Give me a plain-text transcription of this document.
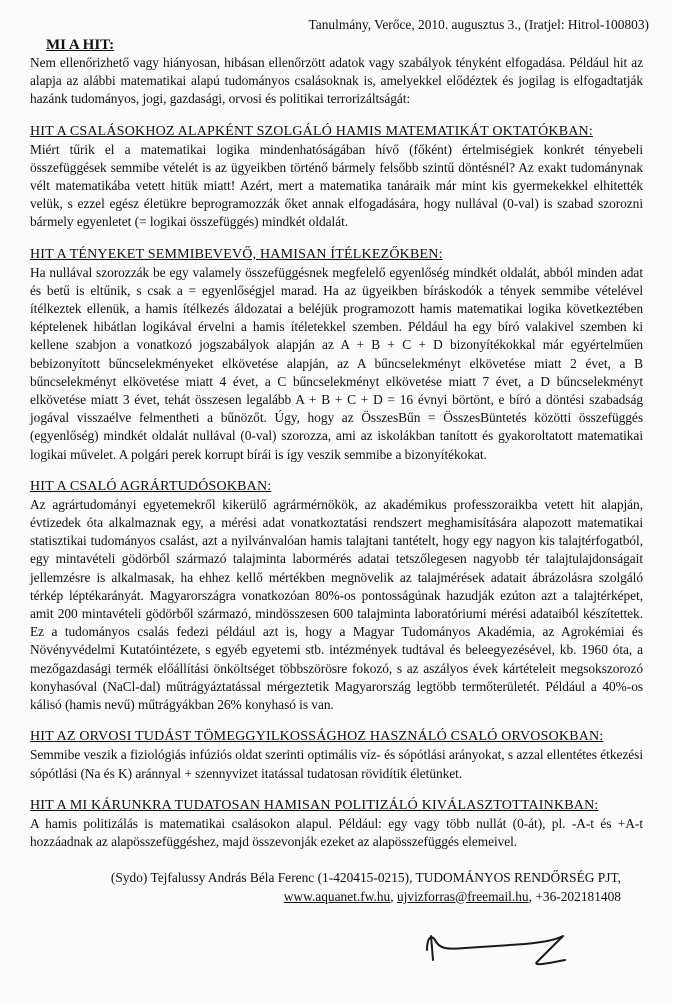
Tanulmány, Verőce, 2010. augusztus 3., (Iratjel: Hitrol-100803)
MI A HIT:

Nem ellenőrizhető vagy hiányosan, hibásan ellenőrzött adatok vagy szabályok tényként elfogadása. Például hit az alapja az alábbi matematikai alapú tudományos csalásoknak is, amelyekkel elődéztek és jogilag is elfogadtatják hazánk tudományos, jogi, gazdasági, orvosi és politikai terrorizáltságát:

HIT A CSALÁSOKHOZ ALAPKÉNT SZOLGÁLÓ HAMIS MATEMATIKÁT OKTATÓKBAN:

Miért tűrik el a matematikai logika mindenhatóságában hívő (főként) értelmiségiek konkrét tényebeli összefüggések semmibe vételét is az ügyeikben történő bármely felsőbb szintű döntésnél? Az exakt tudománynak vélt matematikába vetett hitük miatt! Azért, mert a matematika tanáraik már mint kis gyermekekkel elhitették velük, s ezzel egész életükre beprogramozzák őket annak elfogadására, hogy nullával (0-val) is szabad szorozni bármely egyenletet (= logikai összefüggés) mindkét oldalát.

HIT A TÉNYEKET SEMMIBEVEVŐ, HAMISAN ÍTÉLKEZŐKBEN:

Ha nullával szorozzák be egy valamely összefüggésnek megfelelő egyenlőség mindkét oldalát, abból minden adat és betű is eltűnik, s csak a = egyenlőségjel marad. Ha az ügyeikben bíráskodók a tények semmibe vételével ítélkeztek ellenük, a hamis ítélkezés áldozatai a beléjük programozott hamis matematikai logika következtében képtelenek hibátlan logikával érvelni a hamis ítéletekkel szemben. Például ha egy bíró valakivel szemben ki kellene szabjon a vonatkozó jogszabályok alapján az A + B + C + D bizonyítékokkal már egyértelműen bebizonyított bűncselekményeket elkövetése alapján, az A bűncselekményt elkövetése miatt 2 évet, a B bűncselekményt elkövetése miatt 4 évet, a C bűncselekményt elkövetése miatt 7 évet, a D bűncselekményt elkövetése miatt 3 évet, tehát összesen legalább A + B + C + D = 16 évnyi börtönt, e bíró a döntési szabadság jogával visszaélve felmentheti a bűnözőt. Úgy, hogy az ÖsszesBűn = ÖsszesBüntetés közötti összefüggés (egyenlőség) mindkét oldalát nullával (0-val) szorozza, ami az iskolákban tanított és gyakoroltatott matematikai logikai művelet. A polgári perek korrupt bírái is így veszik semmibe a bizonyítékokat.

HIT A CSALÓ AGRÁRTUDÓSOKBAN:

Az agrártudományi egyetemekről kikerülő agrármérnökök, az akadémikus professzoraikba vetett hit alapján, évtizedek óta alkalmaznak egy, a mérési adat vonatkoztatási rendszert meghamisítására alapozott matematikai statisztikai tudományos csalást, azt a nyilvánvalóan hamis talajtani tantételt, hogy egy nagyon kis talajtérfogatból, egy mintavételi gödörből származó talajminta labormérés adatai tetszőlegesen nagyobb tér talajtulajdonságait jellemzésre is alkalmasak, ha ehhez kellő mértékben megnövelik az talajmérések adatait ábrázolásra szolgáló térkép léptékarányát. Magyarországra vonatkozóan 80%-os pontosságúnak hazudják ezúton azt a talajtérképet, amit 200 mintavételi gödörből származó, mindösszesen 600 talajminta laboratóriumi mérési adataiból készítettek. Ez a tudományos csalás fedezi például azt is, hogy a Magyar Tudományos Akadémia, az Agrokémiai és Növényvédelmi Kutatóintézete, s egyéb egyetemi stb. intézmények tudtával és beleegyezésével, kb. 1960 óta, a mezőgazdasági termék előállítási önköltséget többszörösre fokozó, s az aszályos évek kártételeit megsokszorozó konyhasóval (NaCl-dal) műtrágyáztatással mérgeztetik Magyarország legtöbb termőterületét. Például a 40%-os kálisó (hamis nevű) műtrágyákban 26% konyhasó is van.

HIT AZ ORVOSI TUDÁST TÖMEGGYILKOSSÁGHOZ HASZNÁLÓ CSALÓ ORVOSOKBAN:

Semmibe veszik a fiziológiás infúziós oldat szerinti optimális víz- és sópótlási arányokat, s azzal ellentétes étkezési sópótlási (Na és K) aránnyal + szennyvizet itatással tudatosan rövidítik életünket.

HIT A MI KÁRUNKRA TUDATOSAN HAMISAN POLITIZÁLÓ KIVÁLASZTOTTAINKBAN:

A hamis politizálás is matematikai csalásokon alapul. Például: egy vagy több nullát (0-át), pl. -A-t és +A-t hozzáadnak az alapösszefüggéshez, majd összevonják ezeket az alapösszefüggés elemeivel.

(Sydo) Tejfalussy András Béla Ferenc (1-420415-0215), TUDOMÁNYOS RENDŐRSÉG PJT,
www.aquanet.fw.hu, ujvizforras@freemail.hu, +36-202181408
